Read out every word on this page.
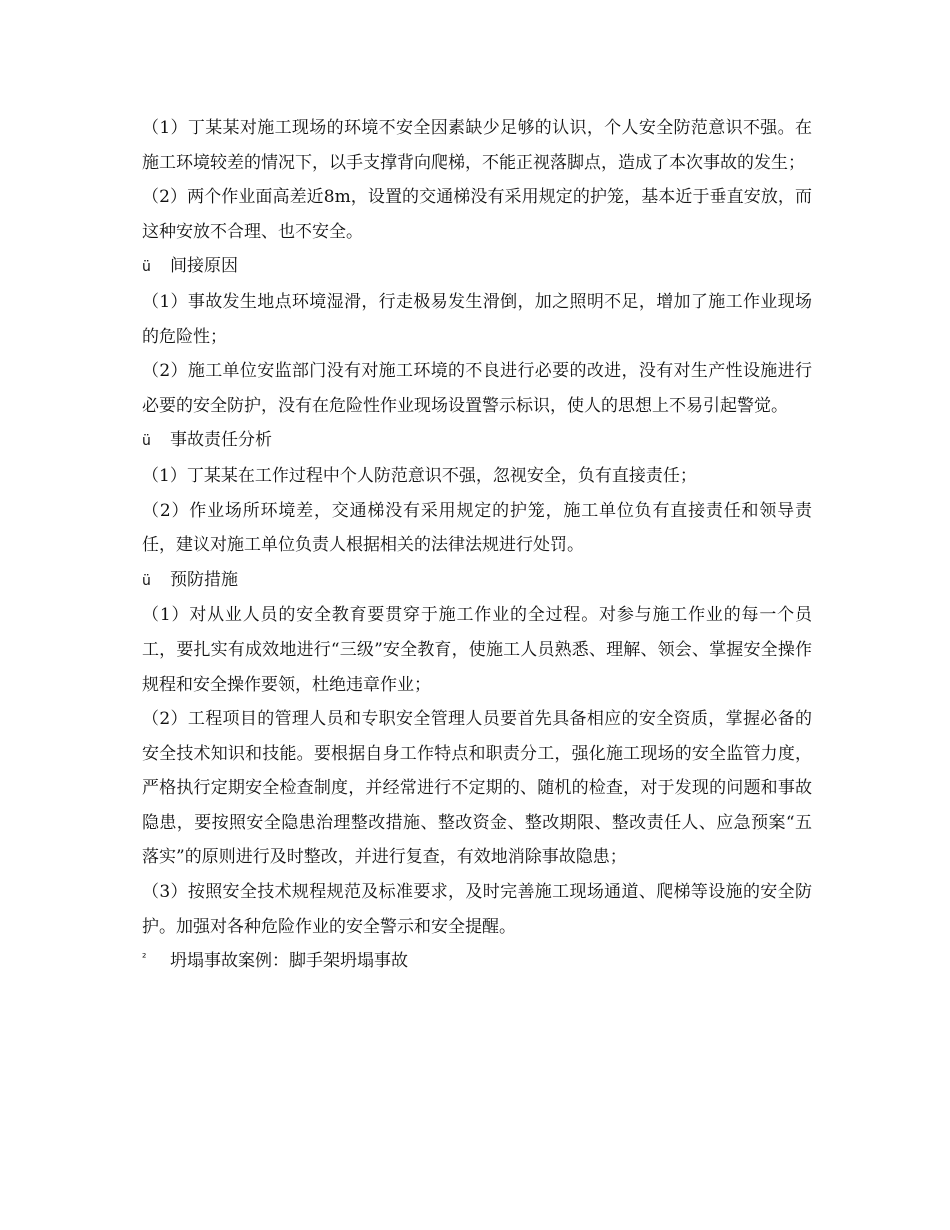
（1）丁某某对施工现场的环境不安全因素缺少足够的认识，个人安全防范意识不强。在施工环境较差的情况下，以手支撑背向爬梯，不能正视落脚点，造成了本次事故的发生；

（2）两个作业面高差近8m，设置的交通梯没有采用规定的护笼，基本近于垂直安放，而这种安放不合理、也不安全。

ü	间接原因

（1）事故发生地点环境湿滑，行走极易发生滑倒，加之照明不足，增加了施工作业现场的危险性；

（2）施工单位安监部门没有对施工环境的不良进行必要的改进，没有对生产性设施进行必要的安全防护，没有在危险性作业现场设置警示标识，使人的思想上不易引起警觉。

ü	事故责任分析

（1）丁某某在工作过程中个人防范意识不强，忽视安全，负有直接责任；

（2）作业场所环境差，交通梯没有采用规定的护笼，施工单位负有直接责任和领导责任，建议对施工单位负责人根据相关的法律法规进行处罚。

ü	预防措施

（1）对从业人员的安全教育要贯穿于施工作业的全过程。对参与施工作业的每一个员工，要扎实有成效地进行“三级”安全教育，使施工人员熟悉、理解、领会、掌握安全操作规程和安全操作要领，杜绝违章作业；

（2）工程项目的管理人员和专职安全管理人员要首先具备相应的安全资质，掌握必备的安全技术知识和技能。要根据自身工作特点和职责分工，强化施工现场的安全监管力度，严格执行定期安全检查制度，并经常进行不定期的、随机的检查，对于发现的问题和事故隐患，要按照安全隐患治理整改措施、整改资金、整改期限、整改责任人、应急预案“五落实”的原则进行及时整改，并进行复查，有效地消除事故隐患；

（3）按照安全技术规程规范及标准要求，及时完善施工现场通道、爬梯等设施的安全防护。加强对各种危险作业的安全警示和安全提醒。

²	坍塌事故案例：脚手架坍塌事故
